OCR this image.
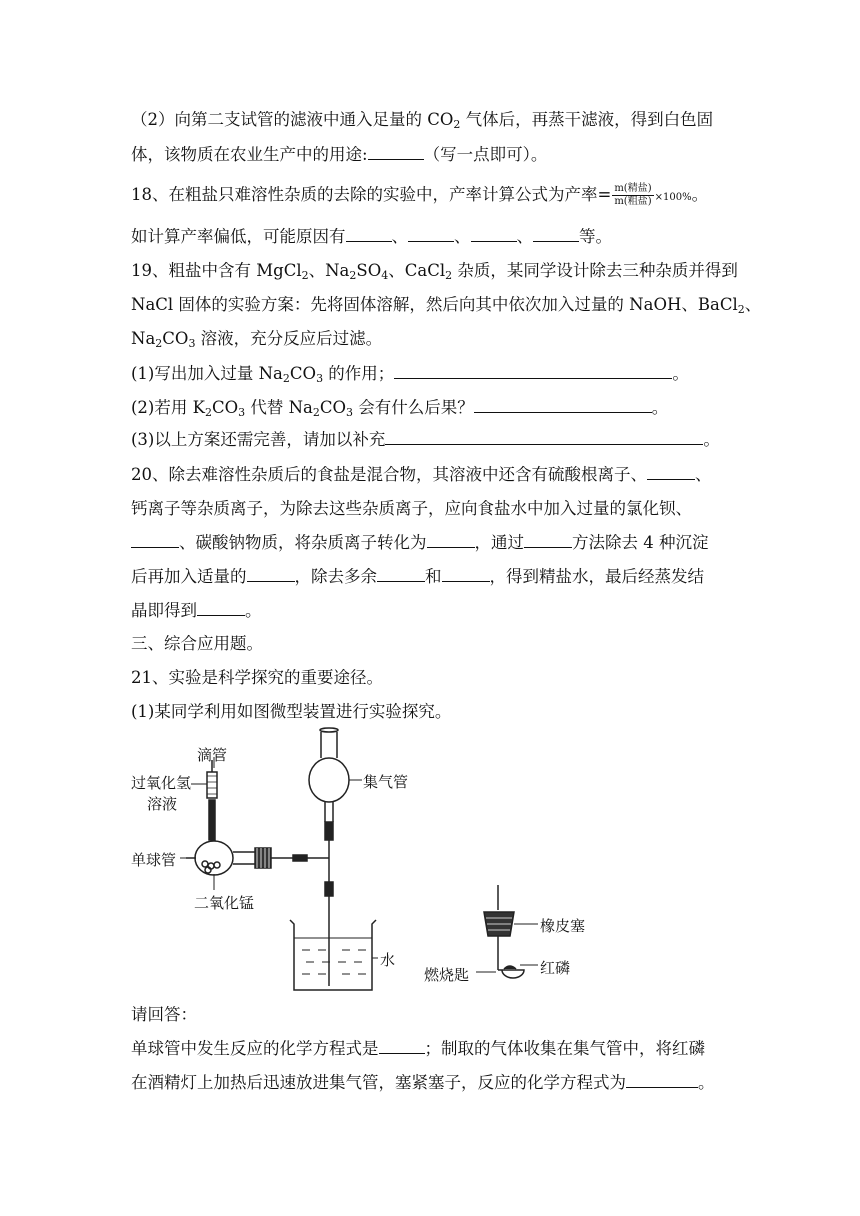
（2）向第二支试管的滤液中通入足量的 $CO_2$ 气体后，再蒸干滤液，得到白色固
体，该物质在农业生产中的用途:	（写一点即可）。
18、在粗盐只难溶性杂质的去除的实验中，产率计算公式为产率= $\frac{\text{m(精盐)}}{\text{m(粗盐)}} \times 100\%$。
如计算产率偏低，可能原因有	、	、	、	等。
19、粗盐中含有 MgCl$_2$、$Na_2SO_4$、CaCl$_2$ 杂质，某同学设计除去三种杂质并得到
NaCl 固体的实验方案：先将固体溶解，然后向其中依次加入过量的 NaOH、BaCl$_2$、
$Na_2CO_3$ 溶液，充分反应后过滤。
(1)写出加入过量 $Na_2CO_3$ 的作用；	。
(2)若用 $K_2CO_3$ 代替 $Na_2CO_3$ 会有什么后果？	。
(3)以上方案还需完善，请加以补充	。
20、除去难溶性杂质后的食盐是混合物，其溶液中还含有硫酸根离子、	、
钙离子等杂质离子，为除去这些杂质离子，应向食盐水中加入过量的氯化钡、
、碳酸钠物质，将杂质离子转化为	，通过	方法除去 4 种沉淀
后再加入适量的	，除去多余	和	，得到精盐水，最后经蒸发结
晶即得到	。
三、综合应用题。
21、实验是科学探究的重要途径。
(1)某同学利用如图微型装置进行实验探究。
滴管
过氧化氢
溶液
单球管
二氧化锰
集气管
水
橡皮塞
燃烧匙	红磷
请回答：
单球管中发生反应的化学方程式是	；制取的气体收集在集气管中，将红磷
在酒精灯上加热后迅速放进集气管，塞紧塞子，反应的化学方程式为	。
